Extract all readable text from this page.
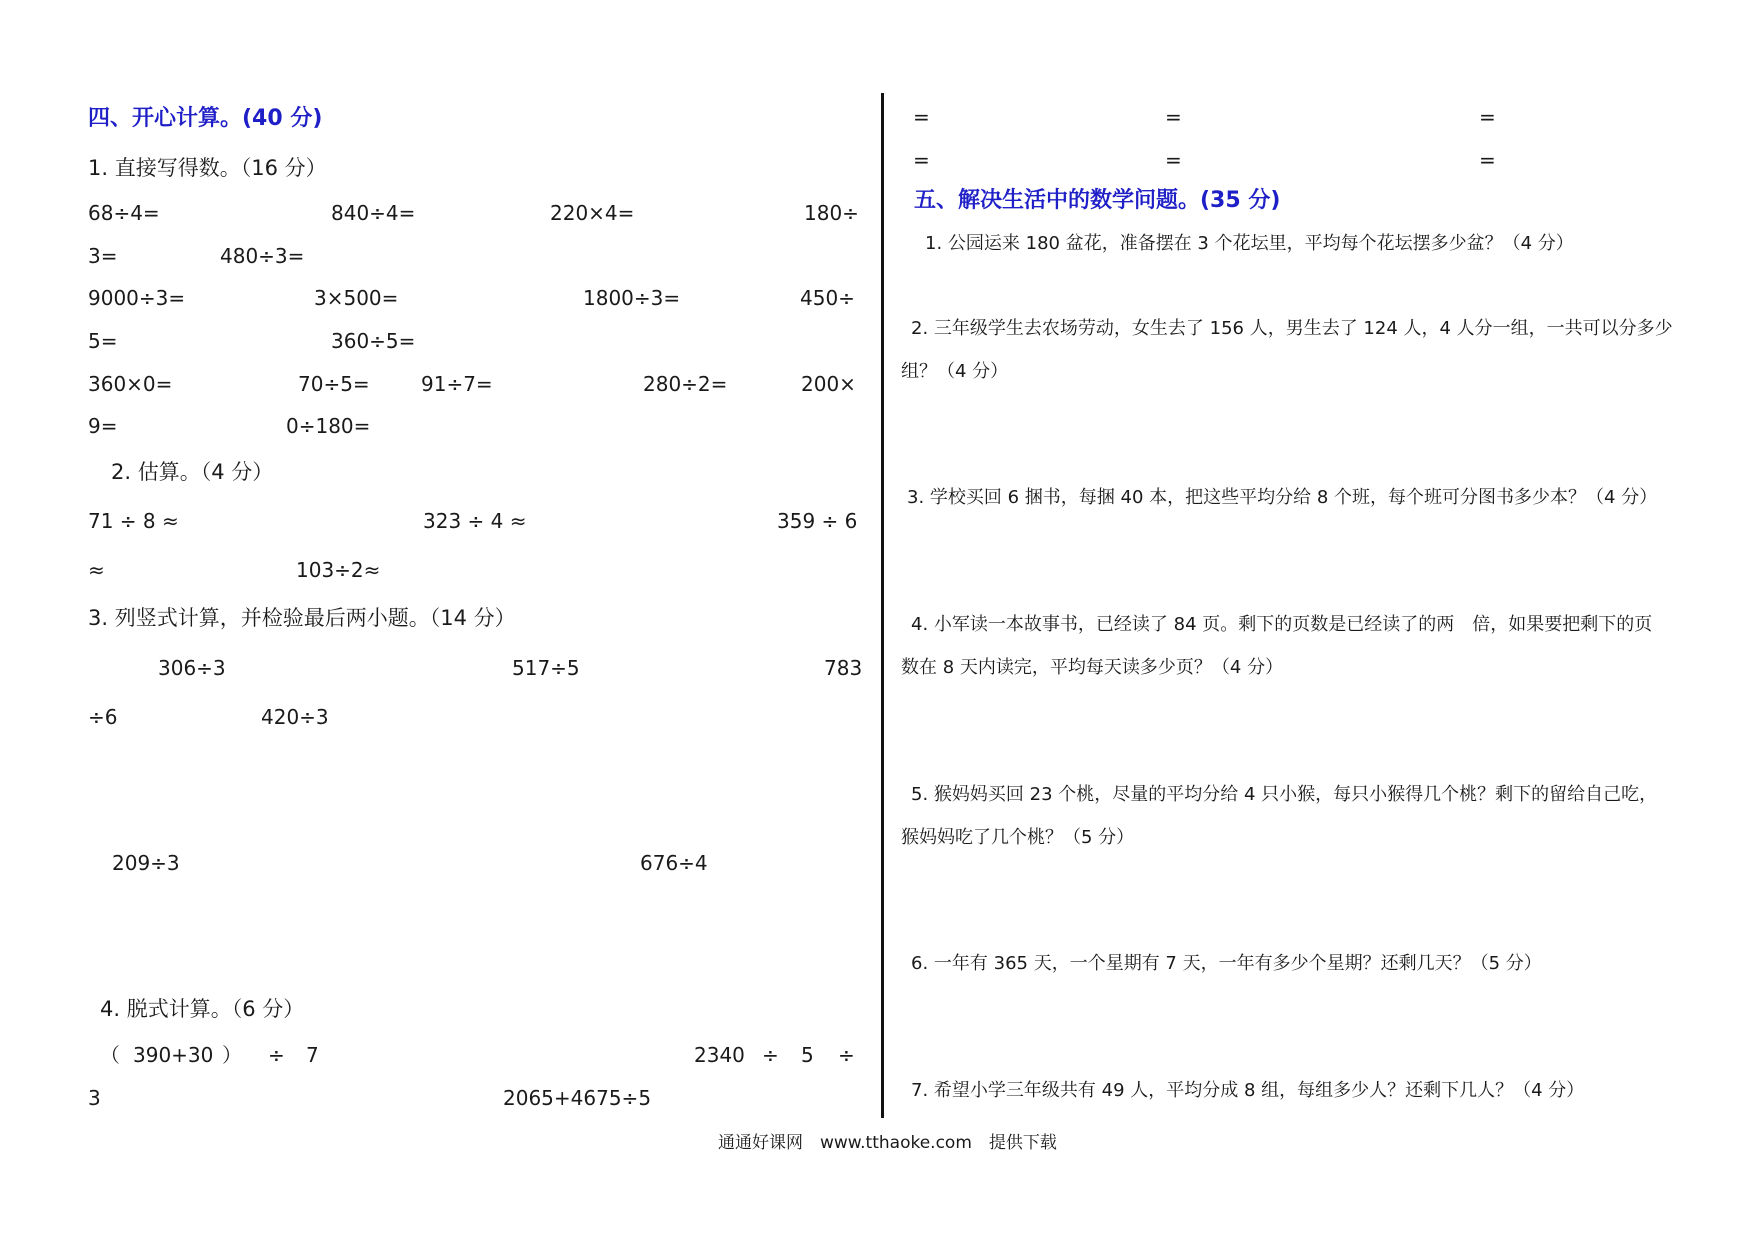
四、开心计算。(40 分)
1. 直接写得数。（16 分）
68÷4=	840÷4=	220×4=	180÷
3=	480÷3=
9000÷3=	3×500=	1800÷3=	450÷
5=	360÷5=
360×0=	70÷5=	91÷7=	280÷2=	200×
9=	0÷180=
2. 估算。（4 分）
71 ÷ 8 ≈	323 ÷ 4 ≈	359 ÷ 6
≈	103÷2≈
3. 列竖式计算，并检验最后两小题。（14 分）
306÷3	517÷5	783
÷6	420÷3
209÷3	676÷4
4. 脱式计算。（6 分）
（ 390+30 ） ÷ 7	2340 ÷ 5 ÷
3	2065+4675÷5
=	=	=
=	=	=
五、解决生活中的数学问题。(35 分)
1. 公园运来 180 盆花，准备摆在 3 个花坛里，平均每个花坛摆多少盆？（4 分）
2. 三年级学生去农场劳动，女生去了 156 人，男生去了 124 人，4 人分一组，一共可以分多少
组？（4 分）
3. 学校买回 6 捆书，每捆 40 本，把这些平均分给 8 个班，每个班可分图书多少本？（4 分）
4. 小军读一本故事书，已经读了 84 页。剩下的页数是已经读了的两　倍，如果要把剩下的页
数在 8 天内读完，平均每天读多少页？（4 分）
5. 猴妈妈买回 23 个桃，尽量的平均分给 4 只小猴，每只小猴得几个桃？剩下的留给自己吃，
猴妈妈吃了几个桃？（5 分）
6. 一年有 365 天，一个星期有 7 天，一年有多少个星期？还剩几天？（5 分）
7. 希望小学三年级共有 49 人，平均分成 8 组，每组多少人？还剩下几人？（4 分）
通通好课网　www.tthaoke.com　提供下载
